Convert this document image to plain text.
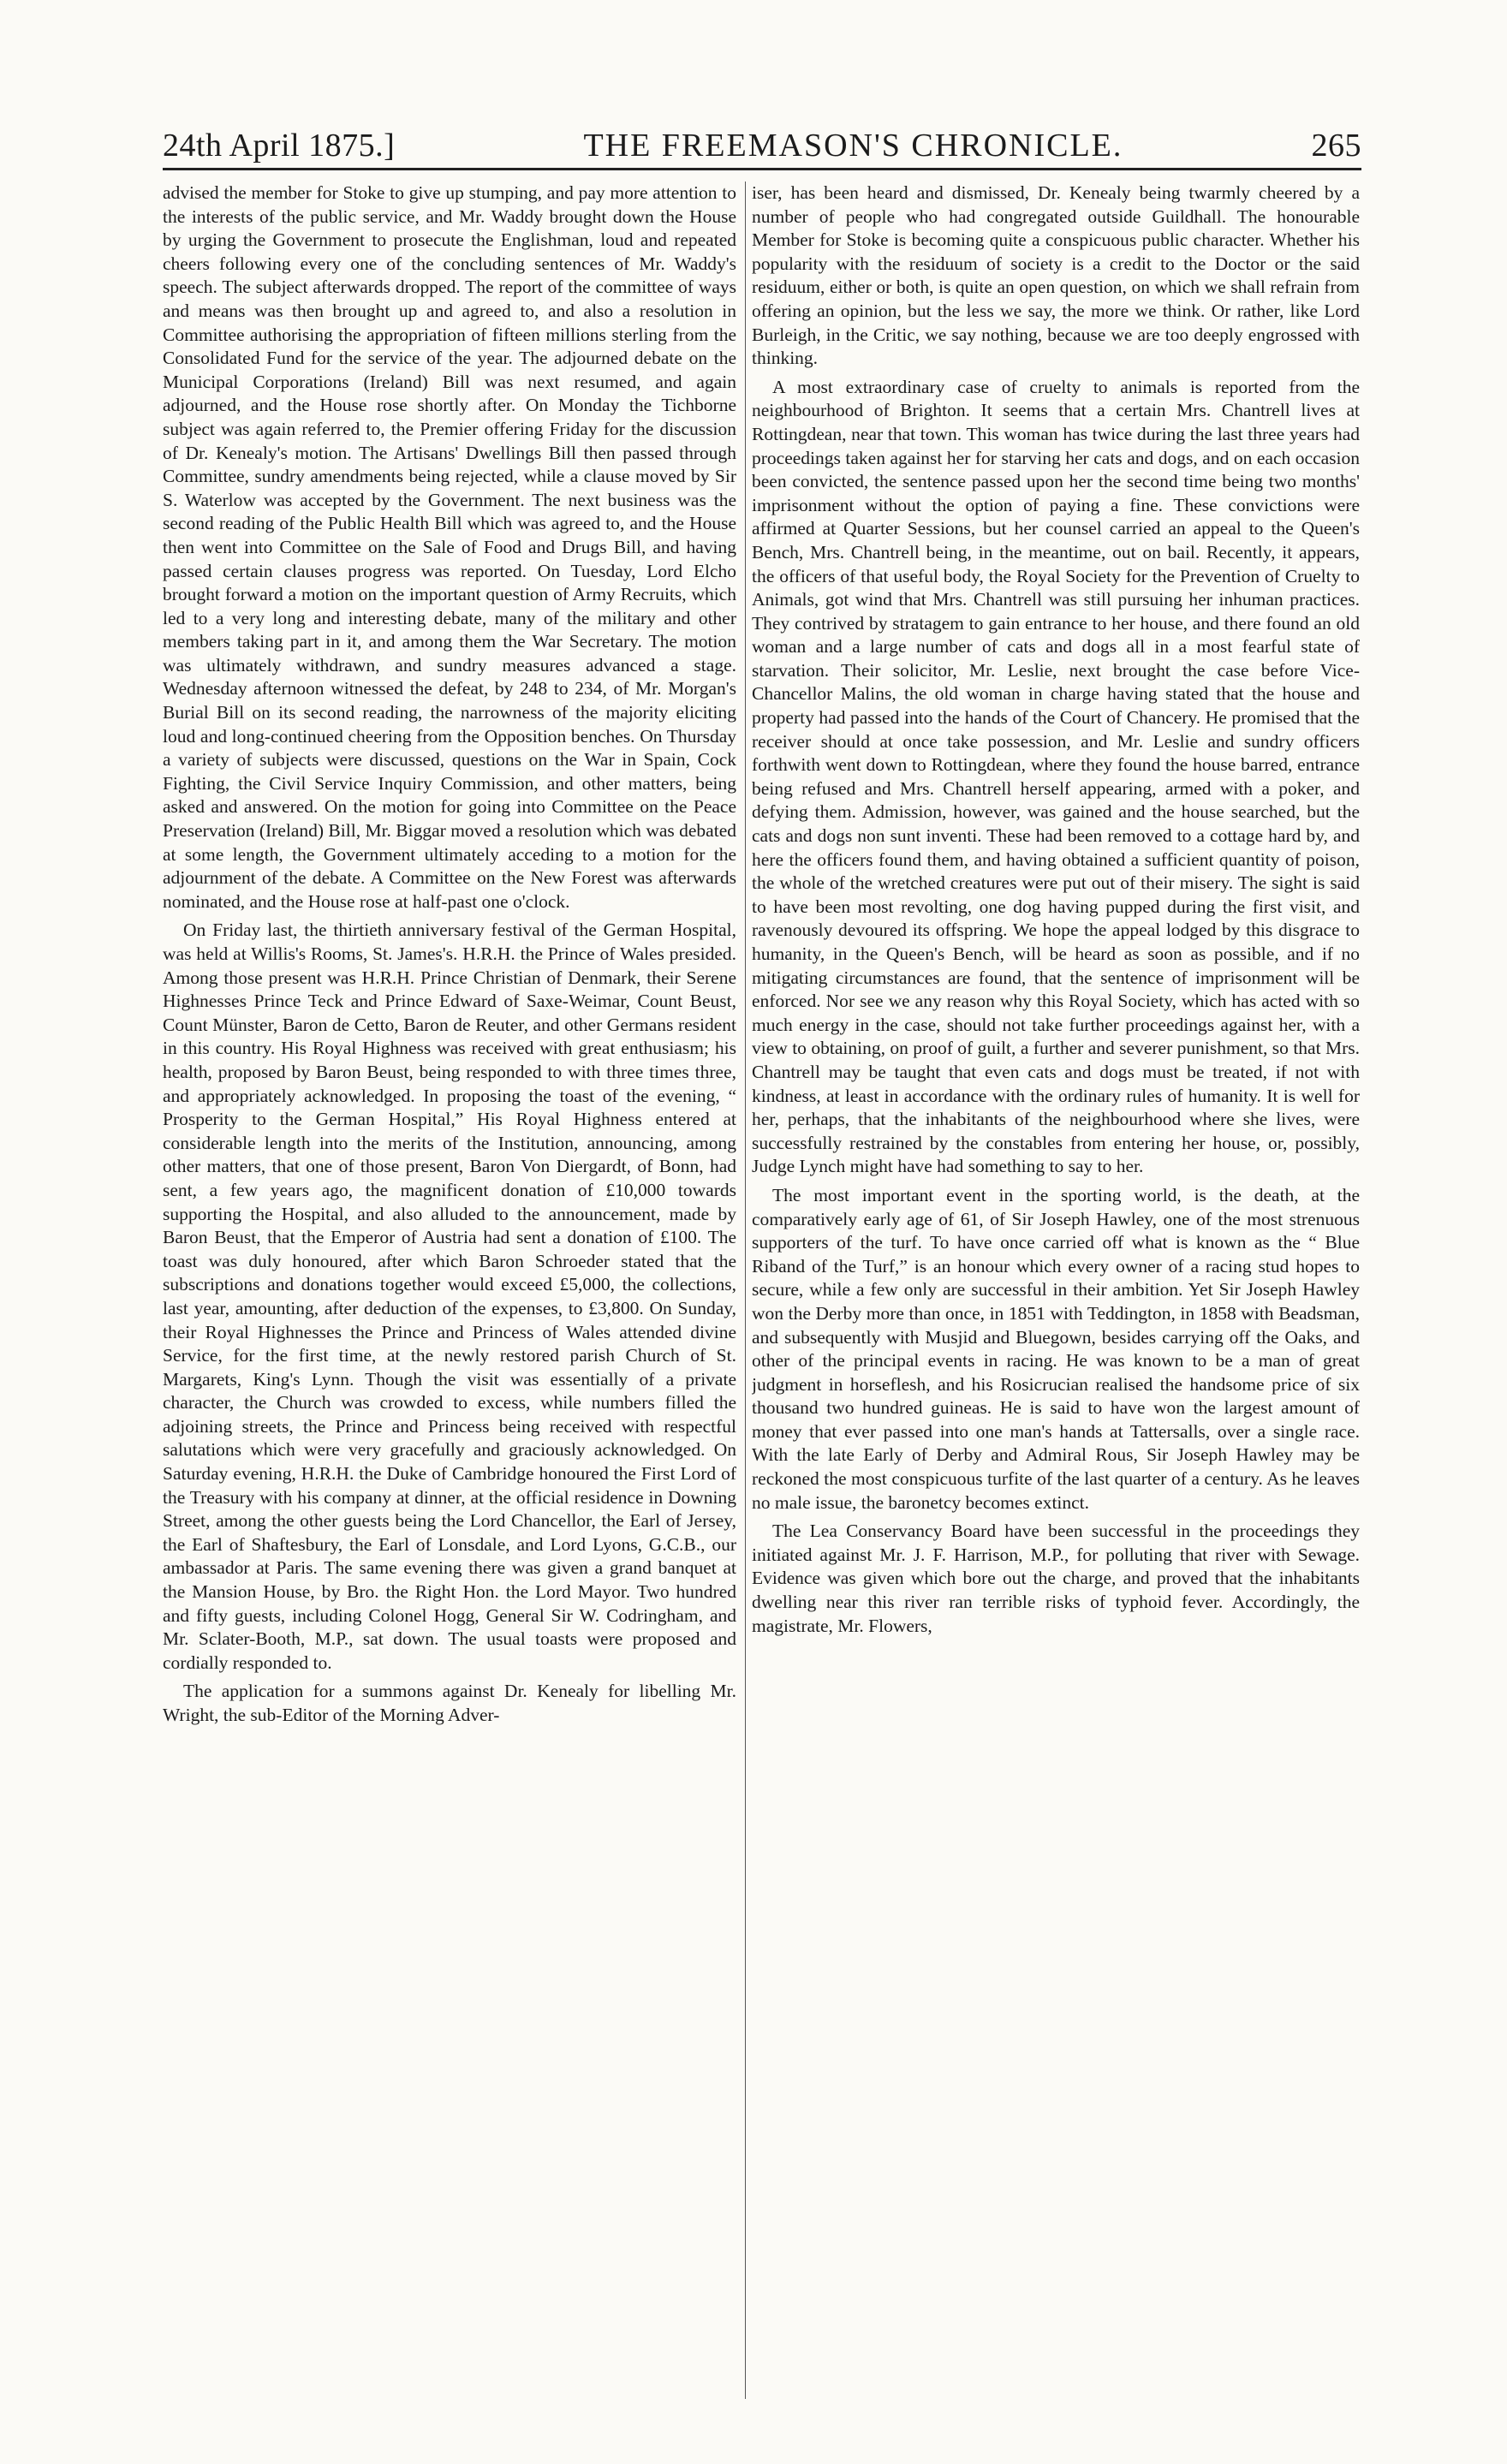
24th April 1875.]	THE FREEMASON'S CHRONICLE.	265

advised the member for Stoke to give up stumping, and pay more attention to the interests of the public service, and Mr. Waddy brought down the House by urging the Government to prosecute the Englishman, loud and repeated cheers following every one of the concluding sentences of Mr. Waddy's speech. The subject afterwards dropped. The report of the committee of ways and means was then brought up and agreed to, and also a resolution in Committee authorising the appropriation of fifteen millions sterling from the Consolidated Fund for the service of the year. The adjourned debate on the Municipal Corporations (Ireland) Bill was next resumed, and again adjourned, and the House rose shortly after. On Monday the Tichborne subject was again referred to, the Premier offering Friday for the discussion of Dr. Kenealy's motion. The Artisans' Dwellings Bill then passed through Committee, sundry amendments being rejected, while a clause moved by Sir S. Waterlow was accepted by the Government. The next business was the second reading of the Public Health Bill which was agreed to, and the House then went into Committee on the Sale of Food and Drugs Bill, and having passed certain clauses progress was reported. On Tuesday, Lord Elcho brought forward a motion on the important question of Army Recruits, which led to a very long and interesting debate, many of the military and other members taking part in it, and among them the War Secretary. The motion was ultimately withdrawn, and sundry measures advanced a stage. Wednesday afternoon witnessed the defeat, by 248 to 234, of Mr. Morgan's Burial Bill on its second reading, the narrowness of the majority eliciting loud and long-continued cheering from the Opposition benches. On Thursday a variety of subjects were discussed, questions on the War in Spain, Cock Fighting, the Civil Service Inquiry Commission, and other matters, being asked and answered. On the motion for going into Committee on the Peace Preservation (Ireland) Bill, Mr. Biggar moved a resolution which was debated at some length, the Government ultimately acceding to a motion for the adjournment of the debate. A Committee on the New Forest was afterwards nominated, and the House rose at half-past one o'clock.

On Friday last, the thirtieth anniversary festival of the German Hospital, was held at Willis's Rooms, St. James's. H.R.H. the Prince of Wales presided. Among those present was H.R.H. Prince Christian of Denmark, their Serene Highnesses Prince Teck and Prince Edward of Saxe-Weimar, Count Beust, Count Münster, Baron de Cetto, Baron de Reuter, and other Germans resident in this country. His Royal Highness was received with great enthusiasm; his health, proposed by Baron Beust, being responded to with three times three, and appropriately acknowledged. In proposing the toast of the evening, “ Prosperity to the German Hospital,” His Royal Highness entered at considerable length into the merits of the Institution, announcing, among other matters, that one of those present, Baron Von Diergardt, of Bonn, had sent, a few years ago, the magnificent donation of £10,000 towards supporting the Hospital, and also alluded to the announcement, made by Baron Beust, that the Emperor of Austria had sent a donation of £100. The toast was duly honoured, after which Baron Schroeder stated that the subscriptions and donations together would exceed £5,000, the collections, last year, amounting, after deduction of the expenses, to £3,800. On Sunday, their Royal Highnesses the Prince and Princess of Wales attended divine Service, for the first time, at the newly restored parish Church of St. Margarets, King's Lynn. Though the visit was essentially of a private character, the Church was crowded to excess, while numbers filled the adjoining streets, the Prince and Princess being received with respectful salutations which were very gracefully and graciously acknowledged. On Saturday evening, H.R.H. the Duke of Cambridge honoured the First Lord of the Treasury with his company at dinner, at the official residence in Downing Street, among the other guests being the Lord Chancellor, the Earl of Jersey, the Earl of Shaftesbury, the Earl of Lonsdale, and Lord Lyons, G.C.B., our ambassador at Paris. The same evening there was given a grand banquet at the Mansion House, by Bro. the Right Hon. the Lord Mayor. Two hundred and fifty guests, including Colonel Hogg, General Sir W. Codringham, and Mr. Sclater-Booth, M.P., sat down. The usual toasts were proposed and cordially responded to.

The application for a summons against Dr. Kenealy for libelling Mr. Wright, the sub-Editor of the Morning Adver-

iser, has been heard and dismissed, Dr. Kenealy being twarmly cheered by a number of people who had congregated outside Guildhall. The honourable Member for Stoke is becoming quite a conspicuous public character. Whether his popularity with the residuum of society is a credit to the Doctor or the said residuum, either or both, is quite an open question, on which we shall refrain from offering an opinion, but the less we say, the more we think. Or rather, like Lord Burleigh, in the Critic, we say nothing, because we are too deeply engrossed with thinking.

A most extraordinary case of cruelty to animals is reported from the neighbourhood of Brighton. It seems that a certain Mrs. Chantrell lives at Rottingdean, near that town. This woman has twice during the last three years had proceedings taken against her for starving her cats and dogs, and on each occasion been convicted, the sentence passed upon her the second time being two months' imprisonment without the option of paying a fine. These convictions were affirmed at Quarter Sessions, but her counsel carried an appeal to the Queen's Bench, Mrs. Chantrell being, in the meantime, out on bail. Recently, it appears, the officers of that useful body, the Royal Society for the Prevention of Cruelty to Animals, got wind that Mrs. Chantrell was still pursuing her inhuman practices. They contrived by stratagem to gain entrance to her house, and there found an old woman and a large number of cats and dogs all in a most fearful state of starvation. Their solicitor, Mr. Leslie, next brought the case before Vice-Chancellor Malins, the old woman in charge having stated that the house and property had passed into the hands of the Court of Chancery. He promised that the receiver should at once take possession, and Mr. Leslie and sundry officers forthwith went down to Rottingdean, where they found the house barred, entrance being refused and Mrs. Chantrell herself appearing, armed with a poker, and defying them. Admission, however, was gained and the house searched, but the cats and dogs non sunt inventi. These had been removed to a cottage hard by, and here the officers found them, and having obtained a sufficient quantity of poison, the whole of the wretched creatures were put out of their misery. The sight is said to have been most revolting, one dog having pupped during the first visit, and ravenously devoured its offspring. We hope the appeal lodged by this disgrace to humanity, in the Queen's Bench, will be heard as soon as possible, and if no mitigating circumstances are found, that the sentence of imprisonment will be enforced. Nor see we any reason why this Royal Society, which has acted with so much energy in the case, should not take further proceedings against her, with a view to obtaining, on proof of guilt, a further and severer punishment, so that Mrs. Chantrell may be taught that even cats and dogs must be treated, if not with kindness, at least in accordance with the ordinary rules of humanity. It is well for her, perhaps, that the inhabitants of the neighbourhood where she lives, were successfully restrained by the constables from entering her house, or, possibly, Judge Lynch might have had something to say to her.

The most important event in the sporting world, is the death, at the comparatively early age of 61, of Sir Joseph Hawley, one of the most strenuous supporters of the turf. To have once carried off what is known as the “ Blue Riband of the Turf,” is an honour which every owner of a racing stud hopes to secure, while a few only are successful in their ambition. Yet Sir Joseph Hawley won the Derby more than once, in 1851 with Teddington, in 1858 with Beadsman, and subsequently with Musjid and Bluegown, besides carrying off the Oaks, and other of the principal events in racing. He was known to be a man of great judgment in horseflesh, and his Rosicrucian realised the handsome price of six thousand two hundred guineas. He is said to have won the largest amount of money that ever passed into one man's hands at Tattersalls, over a single race. With the late Early of Derby and Admiral Rous, Sir Joseph Hawley may be reckoned the most conspicuous turfite of the last quarter of a century. As he leaves no male issue, the baronetcy becomes extinct.

The Lea Conservancy Board have been successful in the proceedings they initiated against Mr. J. F. Harrison, M.P., for polluting that river with Sewage. Evidence was given which bore out the charge, and proved that the inhabitants dwelling near this river ran terrible risks of typhoid fever. Accordingly, the magistrate, Mr. Flowers,
